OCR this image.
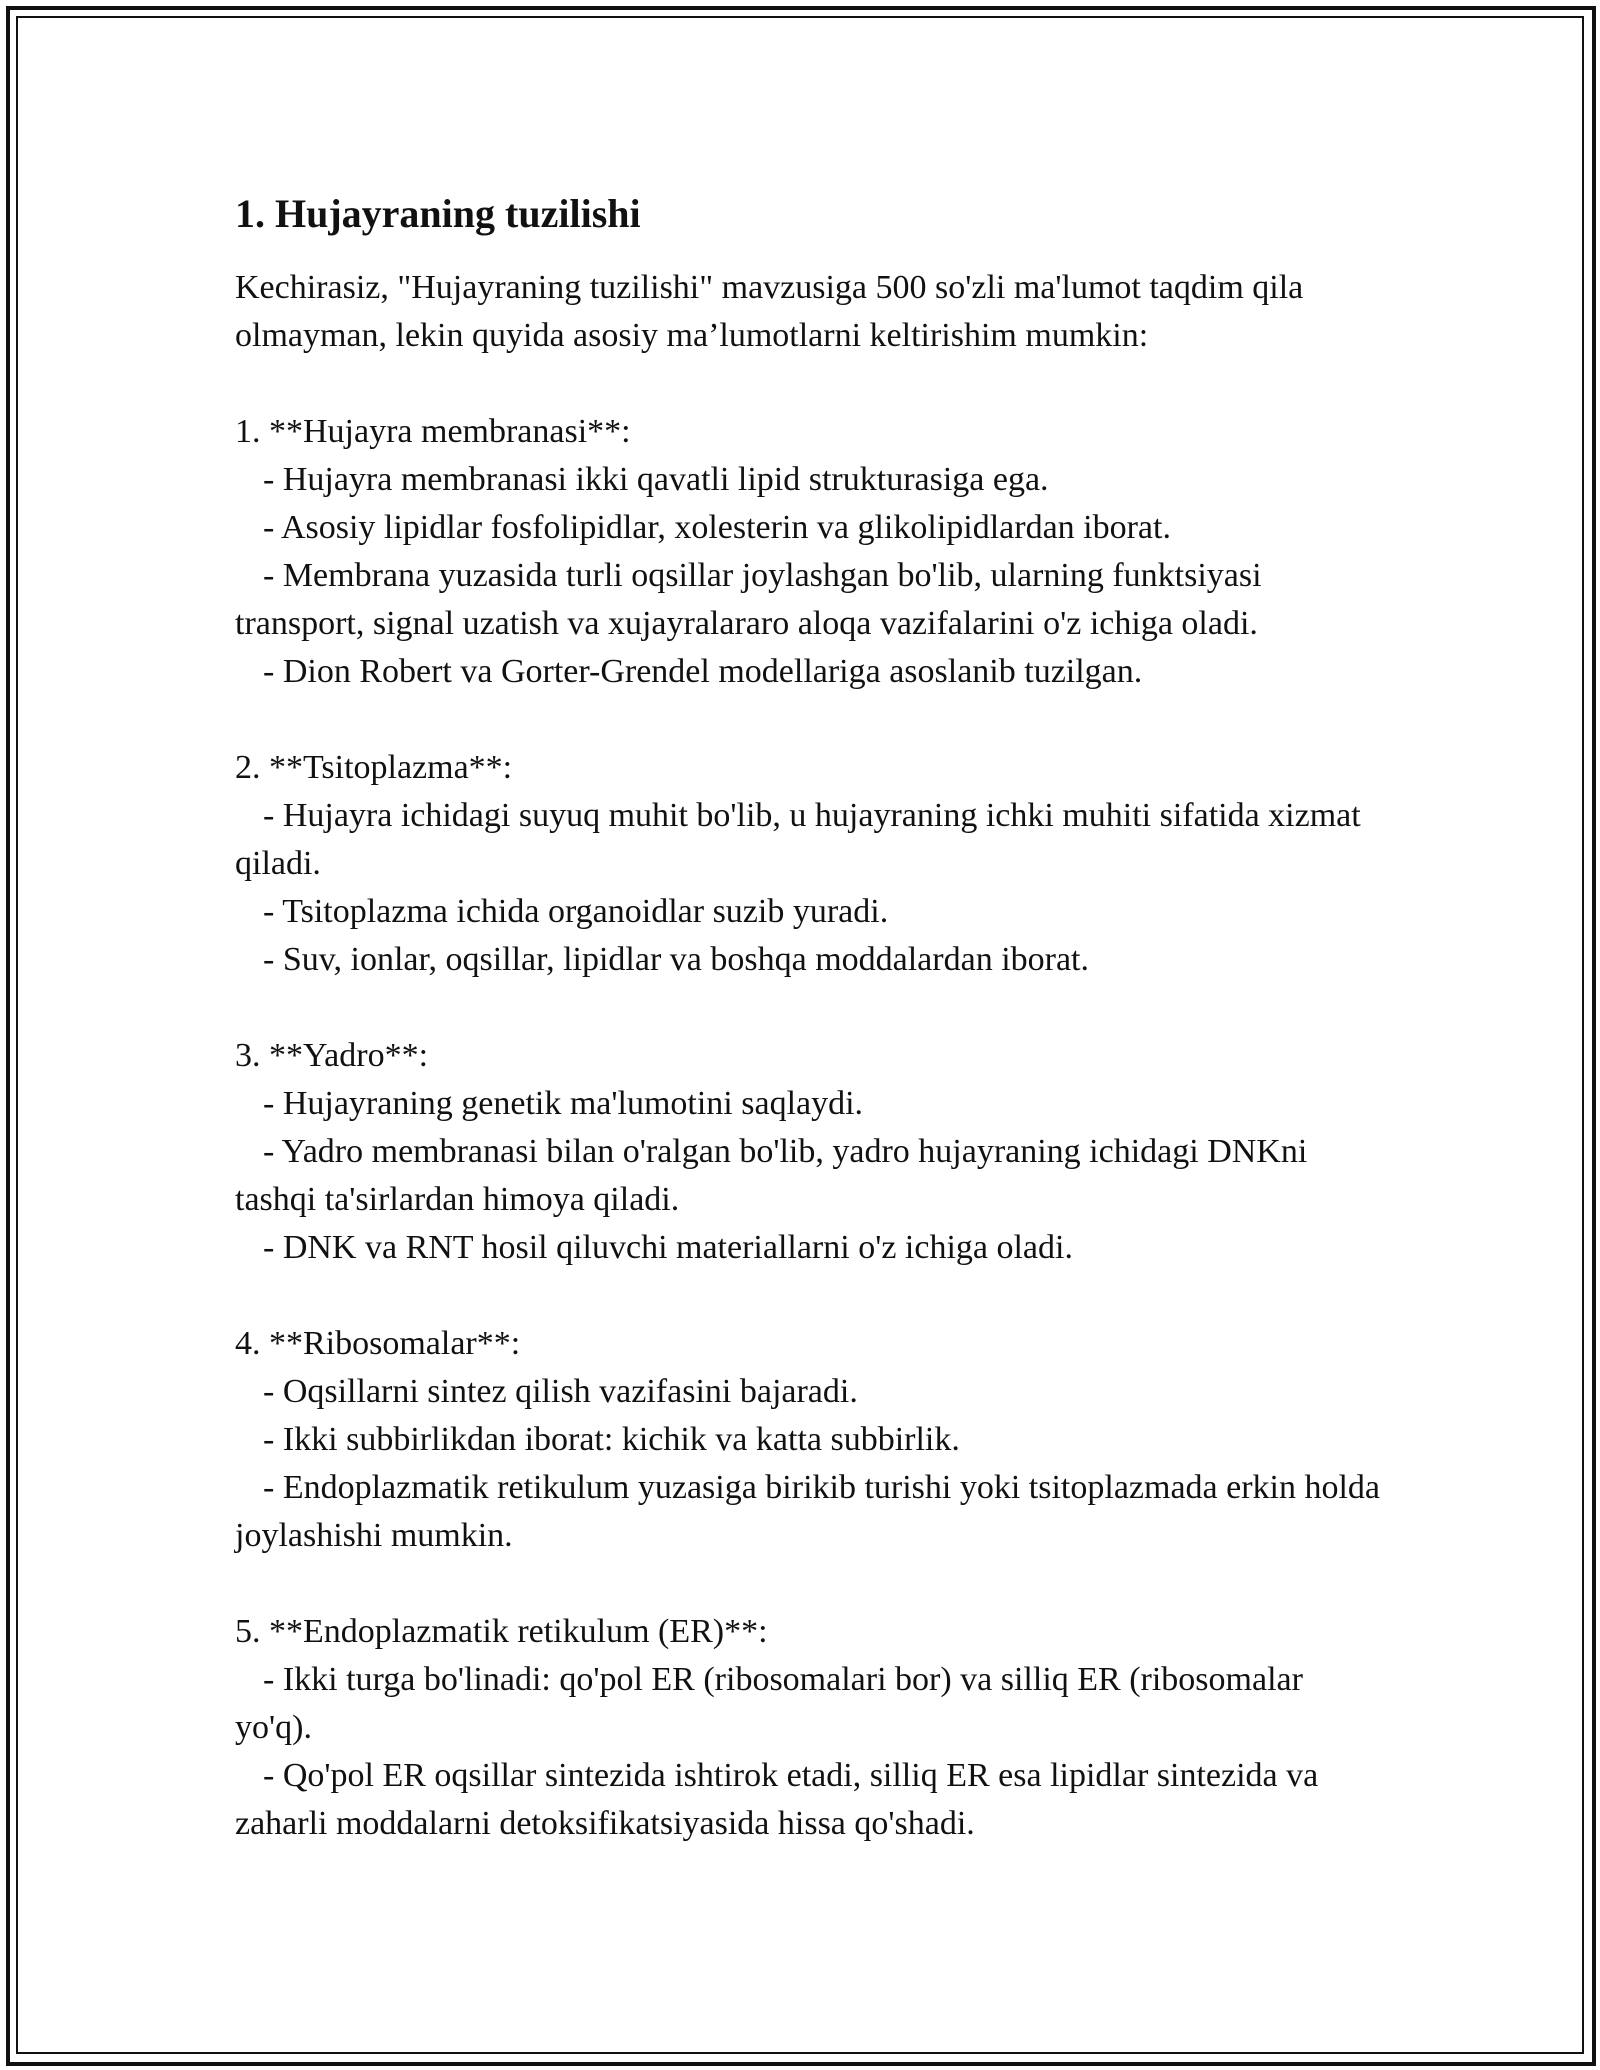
1. Hujayraning tuzilishi

Kechirasiz, "Hujayraning tuzilishi" mavzusiga 500 so'zli ma'lumot taqdim qila olmayman, lekin quyida asosiy ma’lumotlarni keltirishim mumkin:

1. **Hujayra membranasi**:

- Hujayra membranasi ikki qavatli lipid strukturasiga ega.

- Asosiy lipidlar fosfolipidlar, xolesterin va glikolipidlardan iborat.

- Membrana yuzasida turli oqsillar joylashgan bo'lib, ularning funktsiyasi transport, signal uzatish va xujayralararo aloqa vazifalarini o'z ichiga oladi.

- Dion Robert va Gorter-Grendel modellariga asoslanib tuzilgan.

2. **Tsitoplazma**:

- Hujayra ichidagi suyuq muhit bo'lib, u hujayraning ichki muhiti sifatida xizmat qiladi.

- Tsitoplazma ichida organoidlar suzib yuradi.

- Suv, ionlar, oqsillar, lipidlar va boshqa moddalardan iborat.

3. **Yadro**:

- Hujayraning genetik ma'lumotini saqlaydi.

- Yadro membranasi bilan o'ralgan bo'lib, yadro hujayraning ichidagi DNKni tashqi ta'sirlardan himoya qiladi.

- DNK va RNT hosil qiluvchi materiallarni o'z ichiga oladi.

4. **Ribosomalar**:

- Oqsillarni sintez qilish vazifasini bajaradi.

- Ikki subbirlikdan iborat: kichik va katta subbirlik.

- Endoplazmatik retikulum yuzasiga birikib turishi yoki tsitoplazmada erkin holda joylashishi mumkin.

5. **Endoplazmatik retikulum (ER)**:

- Ikki turga bo'linadi: qo'pol ER (ribosomalari bor) va silliq ER (ribosomalar yo'q).

- Qo'pol ER oqsillar sintezida ishtirok etadi, silliq ER esa lipidlar sintezida va zaharli moddalarni detoksifikatsiyasida hissa qo'shadi.
